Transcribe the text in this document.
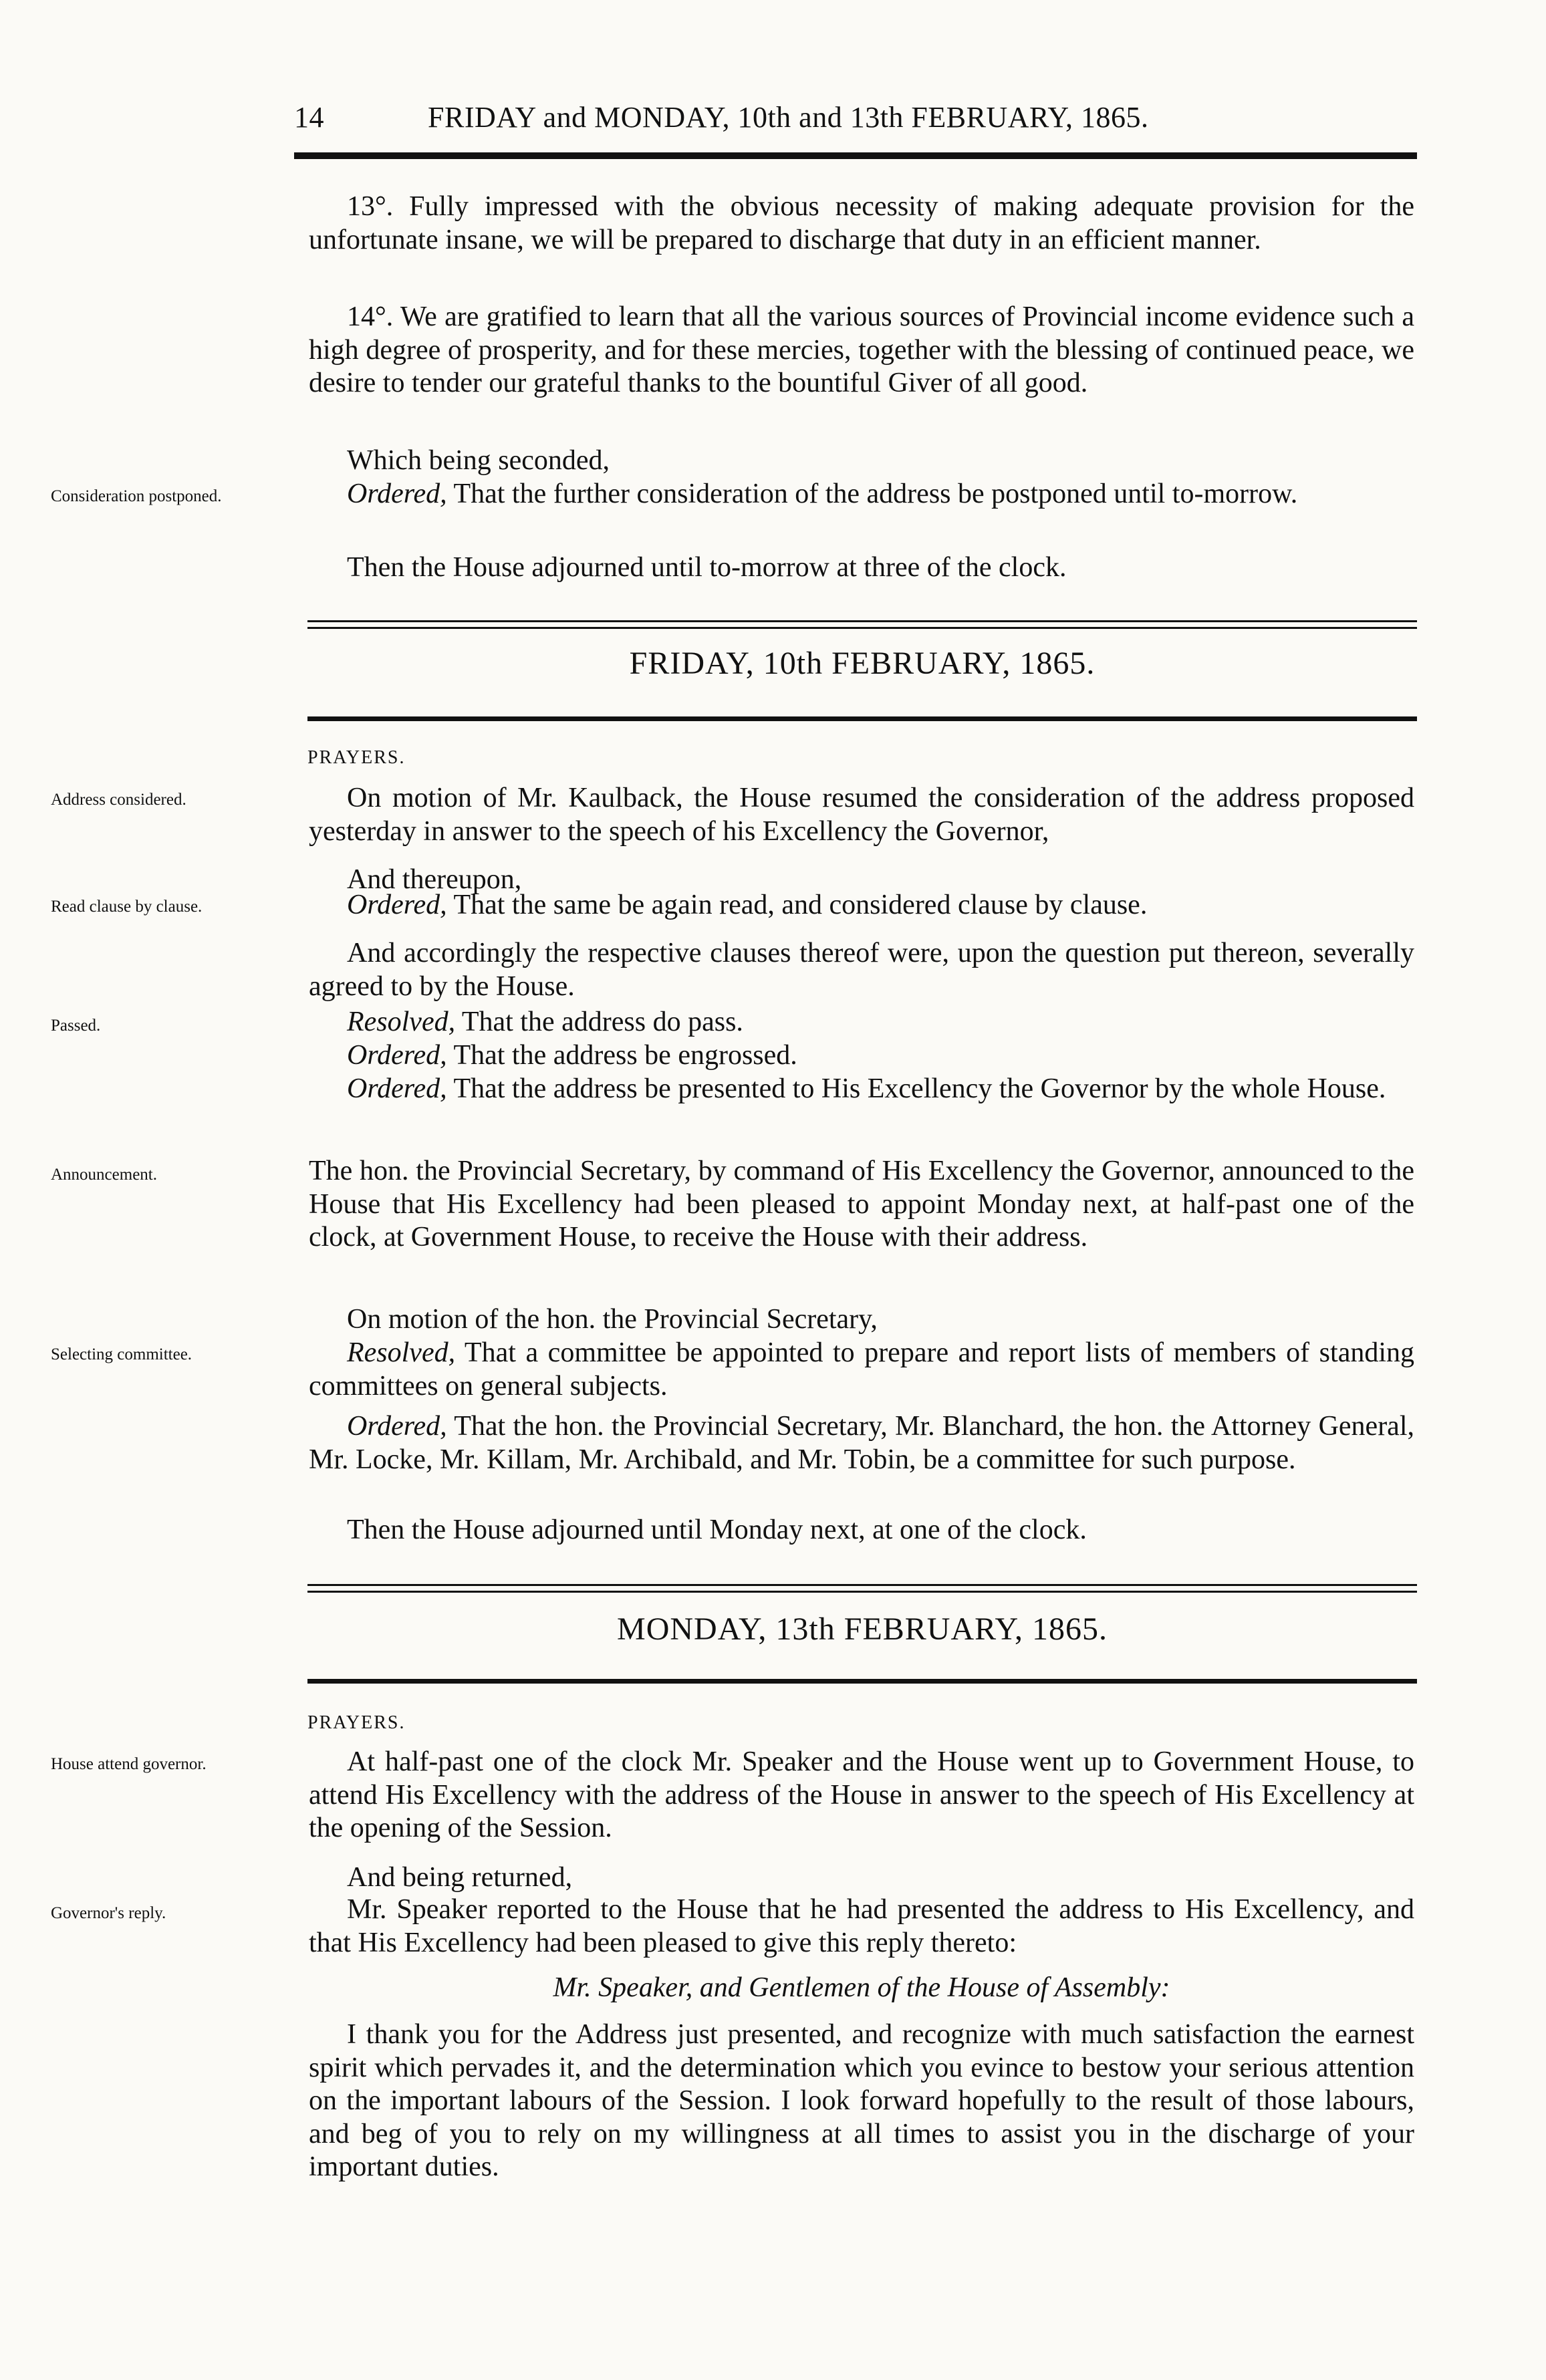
14	FRIDAY and MONDAY, 10th and 13th FEBRUARY, 1865.
13°. Fully impressed with the obvious necessity of making adequate provision for the unfortunate insane, we will be prepared to discharge that duty in an efficient manner.
14°. We are gratified to learn that all the various sources of Provincial income evidence such a high degree of prosperity, and for these mercies, together with the blessing of continued peace, we desire to tender our grateful thanks to the bountiful Giver of all good.
Which being seconded,
Consideration postponed.	Ordered, That the further consideration of the address be postponed until to-morrow.
Then the House adjourned until to-morrow at three of the clock.
FRIDAY, 10th FEBRUARY, 1865.
PRAYERS.
Address considered.	On motion of Mr. Kaulback, the House resumed the consideration of the address proposed yesterday in answer to the speech of his Excellency the Governor,
And thereupon,
Read clause by clause.	Ordered, That the same be again read, and considered clause by clause.
And accordingly the respective clauses thereof were, upon the question put thereon, severally agreed to by the House.
Passed.	Resolved, That the address do pass.
Ordered, That the address be engrossed.
Ordered, That the address be presented to His Excellency the Governor by the whole House.
Announcement.	The hon. the Provincial Secretary, by command of His Excellency the Governor, announced to the House that His Excellency had been pleased to appoint Monday next, at half-past one of the clock, at Government House, to receive the House with their address.
On motion of the hon. the Provincial Secretary,
Selecting committee.	Resolved, That a committee be appointed to prepare and report lists of members of standing committees on general subjects.
Ordered, That the hon. the Provincial Secretary, Mr. Blanchard, the hon. the Attorney General, Mr. Locke, Mr. Killam, Mr. Archibald, and Mr. Tobin, be a committee for such purpose.
Then the House adjourned until Monday next, at one of the clock.
MONDAY, 13th FEBRUARY, 1865.
PRAYERS.
House attend governor.	At half-past one of the clock Mr. Speaker and the House went up to Government House, to attend His Excellency with the address of the House in answer to the speech of His Excellency at the opening of the Session.
And being returned,
Governor's reply.	Mr. Speaker reported to the House that he had presented the address to His Excellency, and that His Excellency had been pleased to give this reply thereto:
Mr. Speaker, and Gentlemen of the House of Assembly:
I thank you for the Address just presented, and recognize with much satisfaction the earnest spirit which pervades it, and the determination which you evince to bestow your serious attention on the important labours of the Session. I look forward hopefully to the result of those labours, and beg of you to rely on my willingness at all times to assist you in the discharge of your important duties.
